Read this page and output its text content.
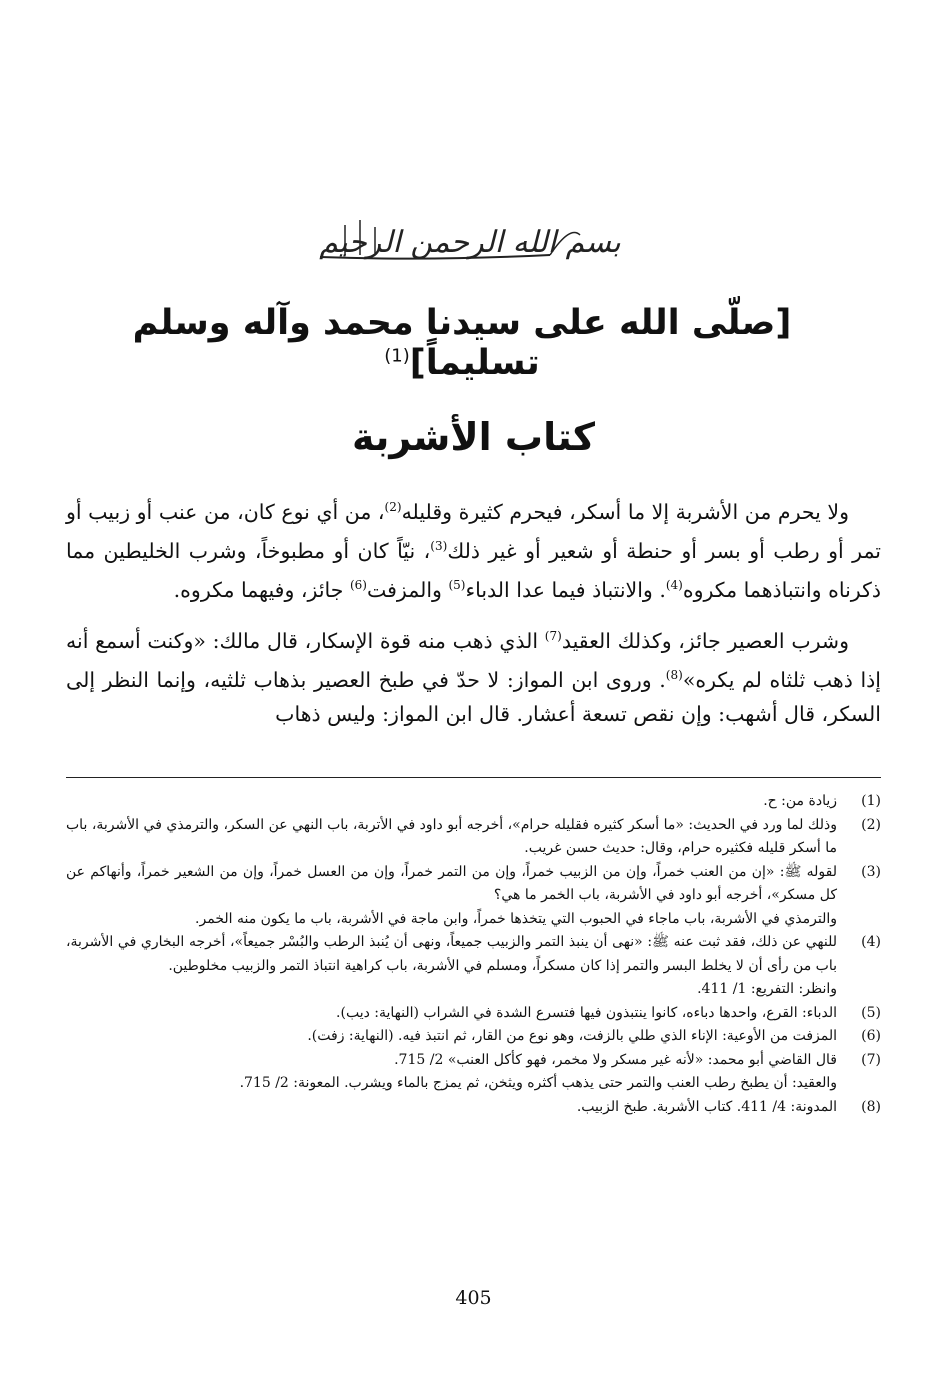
بسم الله الرحمن الرحيم
[صلّى الله على سيدنا محمد وآله وسلم تسليماً]$^{(1)}$
كتاب الأشربة

ولا يحرم من الأشربة إلا ما أسكر، فيحرم كثيرة وقليله$^{(2)}$، من أي نوع كان، من عنب أو زبيب أو تمر أو رطب أو بسر أو حنطة أو شعير أو غير ذلك$^{(3)}$، نيّاً كان أو مطبوخاً، وشرب الخليطين مما ذكرناه وانتباذهما مكروه$^{(4)}$. والانتباذ فيما عدا الدباء$^{(5)}$ والمزفت$^{(6)}$ جائز، وفيهما مكروه.

وشرب العصير جائز، وكذلك العقيد$^{(7)}$ الذي ذهب منه قوة الإسكار، قال مالك: «وكنت أسمع أنه إذا ذهب ثلثاه لم يكره»$^{(8)}$. وروى ابن المواز: لا حدّ في طبخ العصير بذهاب ثلثيه، وإنما النظر إلى السكر، قال أشهب: وإن نقص تسعة أعشار. قال ابن المواز: وليس ذهاب

(1)
زيادة من: ح.
(2)
وذلك لما ورد في الحديث: «ما أسكر كثيره فقليله حرام»، أخرجه أبو داود في الأتربة، باب النهي عن السكر، والترمذي في الأشربة، باب ما أسكر قليله فكثيره حرام، وقال: حديث حسن غريب.
(3)
لقوله ﷺ: «إن من العنب خمراً، وإن من الزبيب خمراً، وإن من التمر خمراً، وإن من العسل خمراً، وإن من الشعير خمراً، وأنهاكم عن كل مسكر»، أخرجه أبو داود في الأشربة، باب الخمر ما هي؟
والترمذي في الأشربة، باب ماجاء في الحبوب التي يتخذها خمراً، وابن ماجة في الأشربة، باب ما يكون منه الخمر.
(4)
للنهي عن ذلك، فقد ثبت عنه ﷺ: «نهى أن ينبذ التمر والزبيب جميعاً، ونهى أن يُنبذ الرطب والبُسْر جميعاً»، أخرجه البخاري في الأشربة، باب من رأى أن لا يخلط البسر والتمر إذا كان مسكراً، ومسلم في الأشربة، باب كراهية انتباذ التمر والزبيب مخلوطين.
وانظر: التفريع: 1/ 411.
(5)
الدباء: القرع، واحدها دباءه، كانوا ينتبذون فيها فتسرع الشدة في الشراب (النهاية: ديب).
(6)
المزفت من الأوعية: الإناء الذي طلي بالزفت، وهو نوع من القار، ثم انتبذ فيه. (النهاية: زفت).
(7)
قال القاضي أبو محمد: «لأنه غير مسكر ولا مخمر، فهو كأكل العنب» 2/ 715.
والعقيد: أن يطبخ رطب العنب والتمر حتى يذهب أكثره ويثخن، ثم يمزج بالماء ويشرب. المعونة: 2/ 715.
(8)
المدونة: 4/ 411. كتاب الأشربة. طبخ الزبيب.
405
